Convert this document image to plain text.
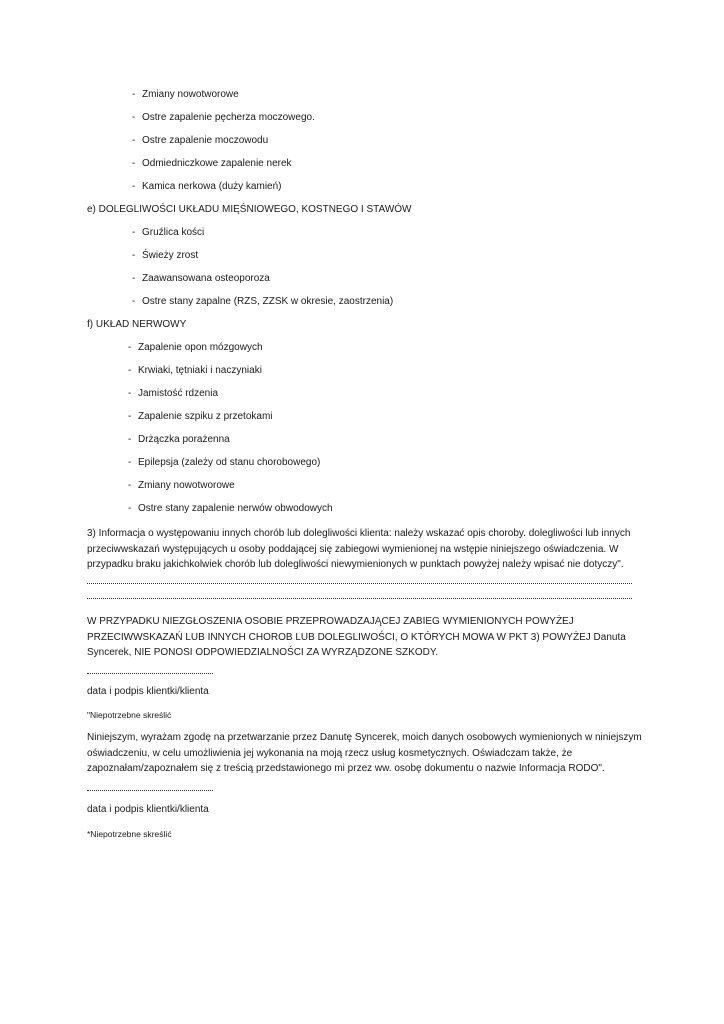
- Zmiany nowotworowe
- Ostre zapalenie pęcherza moczowego.
- Ostre zapalenie moczowodu
- Odmiedniczkowe zapalenie nerek
- Kamica nerkowa (duży kamień)
e) DOLEGLIWOŚCI UKŁADU MIĘŚNIOWEGO, KOSTNEGO I STAWÓW
- Gruźlica kości
- Świeży zrost
- Zaawansowana osteoporoza
- Ostre stany zapalne (RZS, ZZSK w okresie, zaostrzenia)
f) UKŁAD NERWOWY
- Zapalenie opon mózgowych
- Krwiaki, tętniaki i naczyniaki
- Jamistość rdzenia
- Zapalenie szpiku z przetokami
- Drżączka porażenna
- Epilepsja (zależy od stanu chorobowego)
- Zmiany nowotworowe
- Ostre stany zapalenie nerwów obwodowych
3) Informacja o występowaniu innych chorób lub dolegliwości klienta: należy wskazać opis choroby. dolegliwości lub innych przeciwwskazań występujących u osoby poddającej się zabiegowi wymienionej na wstępie niniejszego oświadczenia. W przypadku braku jakichkolwiek chorób lub dolegliwości niewymienionych w punktach powyżej należy wpisać nie dotyczy".
W PRZYPADKU NIEZGŁOSZENIA OSOBIE PRZEPROWADZAJĄCEJ ZABIEG WYMIENIONYCH POWYŻEJ PRZECIWWSKAZAŃ LUB INNYCH CHOROB LUB DOLEGLIWOŚCI, O KTÓRYCH MOWA W PKT 3) POWYŻEJ Danuta Syncerek, NIE PONOSI ODPOWIEDZIALNOŚCI ZA WYRZĄDZONE SZKODY.
data i podpis klientki/klienta
"Niepotrzebne skreślić
Niniejszym, wyrażam zgodę na przetwarzanie przez Danutę Syncerek, moich danych osobowych wymienionych w niniejszym oświadczeniu, w celu umożliwienia jej wykonania na moją rzecz usług kosmetycznych. Oświadczam także, że zapoznałam/zapoznałem się z treścią przedstawionego mi przez ww. osobę dokumentu o nazwie Informacja RODO".
data i podpis klientki/klienta
*Niepotrzebne skreślić
